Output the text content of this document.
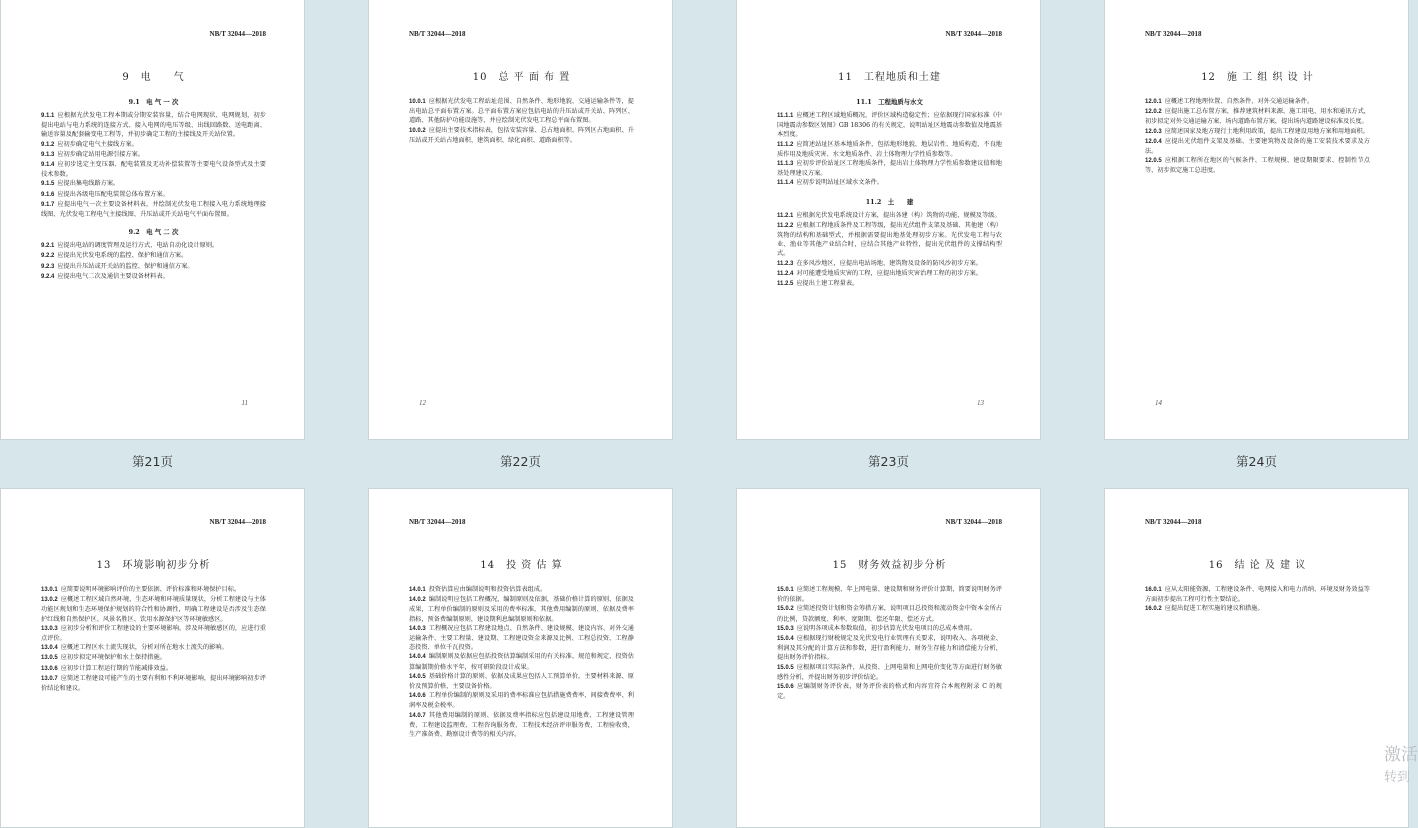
NB/T 32044—2018
9　电　　气
9.1　电 气 一 次

9.1.1 应根据光伏发电工程本期或分期安装容量，结合电网现状、电网规划，初步提出电站与电力系统的连接方式、接入电网的电压等级、出线回路数、送电距离、输送容量及配套输变电工程等，并初步确定工程的主接线及开关站位置。

9.1.2 应初步确定电气主接线方案。

9.1.3 应初步确定站用电源引接方案。

9.1.4 应初步选定主变压器、配电装置及无功补偿装置等主要电气设备型式及主要技术参数。

9.1.5 应提出集电线路方案。

9.1.6 应提出各级电压配电装置总体布置方案。

9.1.7 应提出电气一次主要设备材料表，并绘制光伏发电工程接入电力系统地理接线图、光伏发电工程电气主接线图、升压站或开关站电气平面布置图。

9.2　电 气 二 次

9.2.1 应提出电站的调度管理及运行方式、电站自动化设计原则。

9.2.2 应提出光伏发电系统的监控、保护和通信方案。

9.2.3 应提出升压站或开关站的监控、保护和通信方案。

9.2.4 应提出电气二次及通信主要设备材料表。

11
第21页
NB/T 32044—2018
10　总 平 面 布 置

10.0.1 应根据光伏发电工程站址范围、自然条件、地形地貌、交通运输条件等，提出电站总平面布置方案。总平面布置方案应包括电站的升压站或开关站、阵列区、道路、其他防护功能设施等，并应绘制光伏发电工程总平面布置图。

10.0.2 应提出主要技术指标表，包括安装容量、总占地面积、阵列区占地面积、升压站或开关站占地面积、建筑面积、绿化面积、道路面积等。

12
第22页
NB/T 32044—2018
11　工程地质和土建
11.1　工程地质与水文

11.1.1 应概述工程区域地质概况，评价区域构造稳定性；应依据现行国家标准《中国地震动参数区划图》GB 18306 的有关规定，说明站址区地震动参数值及地震基本烈度。

11.1.2 应简述站址区基本地质条件，包括地形地貌、地层岩性、地质构造、不良地质作用及地质灾害、水文地质条件、岩土体物理力学性质参数等。

11.1.3 应初步评价站址区工程地质条件，提出岩土体物理力学性质参数建议值和地基处理建议方案。

11.1.4 应初步说明站址区域水文条件。

11.2　土　　建

11.2.1 应根据光伏发电系统设计方案，提出各建（构）筑物的功能、规模及等级。

11.2.2 应根据工程地质条件及工程等级，提出光伏组件支架及基础、其他建（构）筑物的结构和基础型式，并根据需要提出地基处理初步方案。光伏发电工程与农业、渔业等其他产业结合时，应结合其他产业特性，提出光伏组件的支撑结构型式。

11.2.3 在多风沙地区，应提出电站场地、建筑物及设备的防风沙初步方案。

11.2.4 对可能遭受地质灾害的工程，应提出地质灾害治理工程的初步方案。

11.2.5 应提出土建工程量表。

13
第23页
NB/T 32044—2018
12　施 工 组 织 设 计

12.0.1 应概述工程地理位置、自然条件、对外交通运输条件。

12.0.2 应提出施工总布置方案，推荐建筑材料来源、施工用电、用水和通讯方式，初步拟定对外交通运输方案、场内道路布置方案，提出场内道路建设标准及长度。

12.0.3 应简述国家及地方现行土地利用政策，提出工程建设用地方案和用地面积。

12.0.4 应提出光伏组件支架及基础、主要建筑物及设备的施工安装技术要求及方法。

12.0.5 应根据工程所在地区的气候条件、工程规模、建设期限要求、控制性节点等，初步拟定施工总进度。

14
第24页
NB/T 32044—2018
13　环境影响初步分析

13.0.1 应简要说明环境影响评价的主要依据、评价标准和环境保护目标。

13.0.2 应概述工程区域自然环境、生态环境和环境质量现状，分析工程建设与主体功能区规划和生态环境保护规划的符合性和协调性，明确工程建设是否涉及生态保护红线和自然保护区、风景名胜区、饮用水源保护区等环境敏感区。

13.0.3 应初步分析和评价工程建设的主要环境影响。涉及环境敏感区的，应进行重点评价。

13.0.4 应概述工程区水土流失现状，分析对所在地水土流失的影响。

13.0.5 应初步拟定环境保护和水土保持措施。

13.0.6 应初步计算工程运行期的节能减排效益。

13.0.7 应简述工程建设可能产生的主要有利和不利环境影响，提出环境影响初步评价结论和建议。

NB/T 32044—2018
14　投 资 估 算

14.0.1 投资估算应由编制说明和投资估算表组成。

14.0.2 编制说明应包括工程概况，编制原则及依据，基础价格计算的原则、依据及成果，工程单价编制的原则及采用的费率标准，其他费用编制的原则、依据及费率指标，预备费编制原则，建设期利息编制原则和依据。

14.0.3 工程概况应包括工程建设地点、自然条件、建设规模、建设内容、对外交通运输条件、主要工程量、建设期、工程建设资金来源及比例、工程总投资、工程静态投资、单位千瓦投资。

14.0.4 编制原则及依据应包括投资估算编制采用的有关标准、规范和规定，投资估算编制期价格水平年，按可研阶段设计成果。

14.0.5 基础价格计算的原则、依据及成果应包括人工预算单价，主要材料来源、原价及预算价格，主要设备价格。

14.0.6 工程单价编制的原则及采用的费率标准应包括措施费费率、间接费费率、利润率及税金税率。

14.0.7 其他费用编制的原则、依据及费率指标应包括建设用地费、工程建设管理费、工程建设监理费、工程咨询服务费、工程技术经济评审服务费、工程验收费，生产准备费、勘察设计费等的相关内容。

NB/T 32044—2018
15　财务效益初步分析

15.0.1 应简述工程规模、年上网电量、建设期和财务评价计算期，简要说明财务评价的依据。

15.0.2 应简述投资计划和资金筹措方案，说明项目总投资和流动资金中资本金所占的比例，贷款额度、利率、宽限期、偿还年限、偿还方式。

15.0.3 应说明各项成本参数取值，初步估算光伏发电项目的总成本费用。

15.0.4 应根据现行财税规定及光伏发电行业管理有关要求，说明收入、各项税金、利润及其分配的计算方法和参数，进行盈利能力、财务生存能力和清偿能力分析，提出财务评价指标。

15.0.5 应根据项目实际条件，从投资、上网电量和上网电价变化等方面进行财务敏感性分析，并提出财务初步评价结论。

15.0.6 应编制财务评价表，财务评价表的格式和内容宜符合本规程附录 C 的规定。

NB/T 32044—2018
16　结 论 及 建 议

16.0.1 应从太阳能资源、工程建设条件、电网接入和电力消纳、环境及财务效益等方面初步提出工程可行性主要结论。

16.0.2 应提出促进工程实施的建议和措施。

激活
转到
